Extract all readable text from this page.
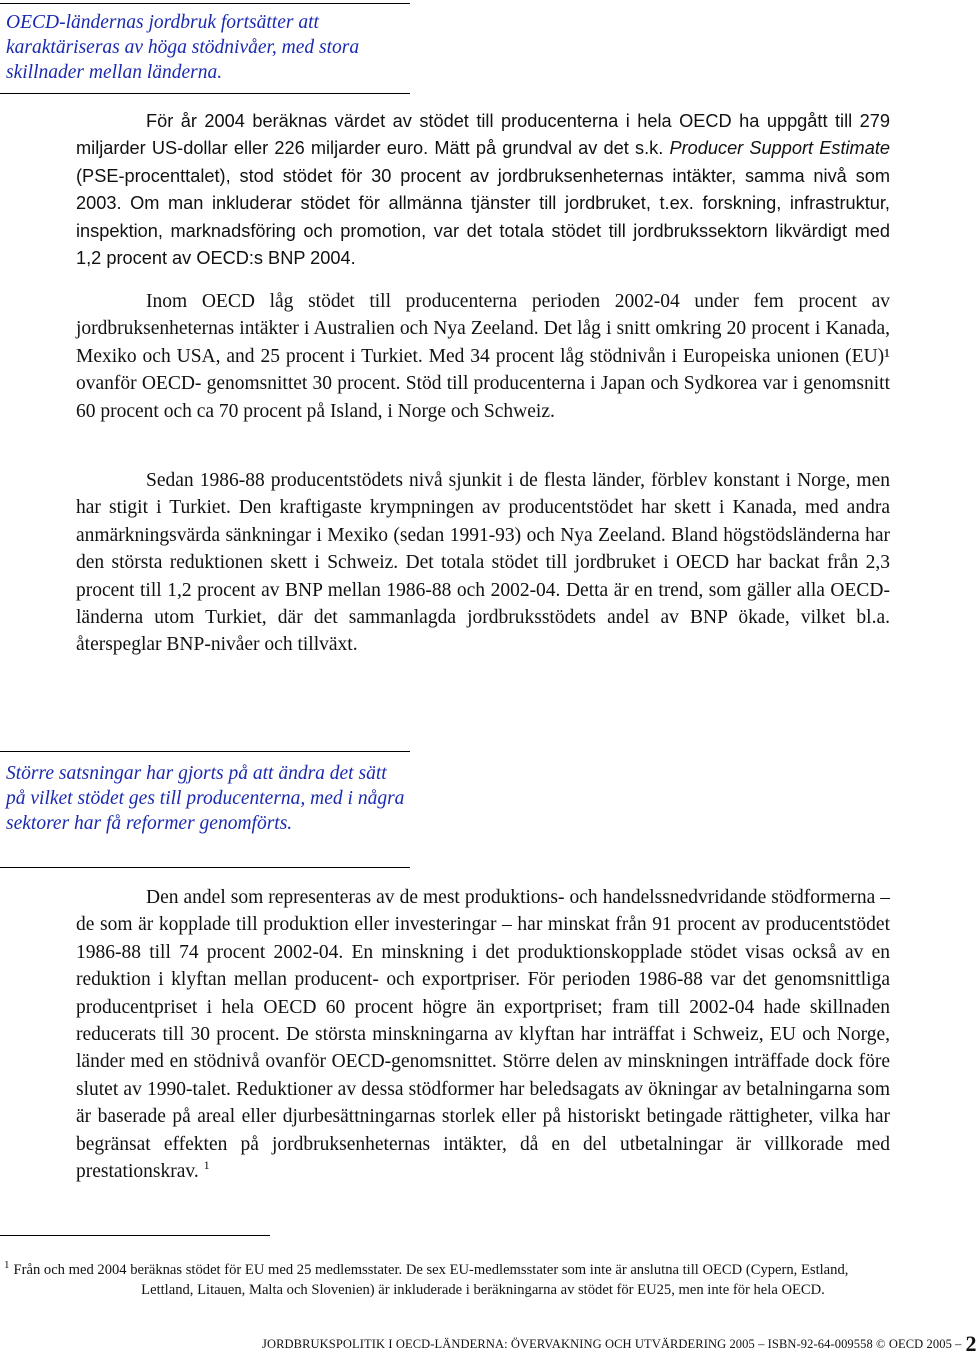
OECD-ländernas jordbruk fortsätter att karaktäriseras av höga stödnivåer, med stora skillnader mellan länderna.
För år 2004 beräknas värdet av stödet till producenterna i hela OECD ha uppgått till 279 miljarder US-dollar eller 226 miljarder euro. Mätt på grundval av det s.k. Producer Support Estimate (PSE-procenttalet), stod stödet för 30 procent av jordbruksenheternas intäkter, samma nivå som 2003. Om man inkluderar stödet för allmänna tjänster till jordbruket, t.ex. forskning, infrastruktur, inspektion, marknadsföring och promotion, var det totala stödet till jordbrukssektorn likvärdigt med 1,2 procent av OECD:s BNP 2004.
Inom OECD låg stödet till producenterna perioden 2002-04 under fem procent av jordbruksenheternas intäkter i Australien och Nya Zeeland. Det låg i snitt omkring 20 procent i Kanada, Mexiko och USA, and 25 procent i Turkiet. Med 34 procent låg stödnivån i Europeiska unionen (EU)¹ ovanför OECD- genomsnittet 30 procent. Stöd till producenterna i Japan och Sydkorea var i genomsnitt 60 procent och ca 70 procent på Island, i Norge och Schweiz.
Sedan 1986-88 producentstödets nivå sjunkit i de flesta länder, förblev konstant i Norge, men har stigit i Turkiet. Den kraftigaste krympningen av producentstödet har skett i Kanada, med andra anmärkningsvärda sänkningar i Mexiko (sedan 1991-93) och Nya Zeeland. Bland högstödsländerna har den största reduktionen skett i Schweiz. Det totala stödet till jordbruket i OECD har backat från 2,3 procent till 1,2 procent av BNP mellan 1986-88 och 2002-04. Detta är en trend, som gäller alla OECD-länderna utom Turkiet, där det sammanlagda jordbruksstödets andel av BNP ökade, vilket bl.a. återspeglar BNP-nivåer och tillväxt.
Större satsningar har gjorts på att ändra det sätt på vilket stödet ges till producenterna, med i några sektorer har få reformer genomförts.
Den andel som representeras av de mest produktions- och handelssnedvridande stödformerna – de som är kopplade till produktion eller investeringar – har minskat från 91 procent av producentstödet 1986-88 till 74 procent 2002-04. En minskning i det produktionskopplade stödet visas också av en reduktion i klyftan mellan producent- och exportpriser. För perioden 1986-88 var det genomsnittliga producentpriset i hela OECD 60 procent högre än exportpriset; fram till 2002-04 hade skillnaden reducerats till 30 procent. De största minskningarna av klyftan har inträffat i Schweiz, EU och Norge, länder med en stödnivå ovanför OECD-genomsnittet. Större delen av minskningen inträffade dock före slutet av 1990-talet. Reduktioner av dessa stödformer har beledsagats av ökningar av betalningarna som är baserade på areal eller djurbesättningarnas storlek eller på historiskt betingade rättigheter, vilka har begränsat effekten på jordbruksenheternas intäkter, då en del utbetalningar är villkorade med prestationskrav. $^1$
$^1$ Från och med 2004 beräknas stödet för EU med 25 medlemsstater. De sex EU-medlemsstater som inte är anslutna till OECD (Cypern, Estland,
Lettland, Litauen, Malta och Slovenien) är inkluderade i beräkningarna av stödet för EU25, men inte för hela OECD.
JORDBRUKSPOLITIK I OECD-LÄNDERNA: ÖVERVAKNING OCH UTVÄRDERING 2005 – ISBN-92-64-009558 © OECD 2005 – 2
